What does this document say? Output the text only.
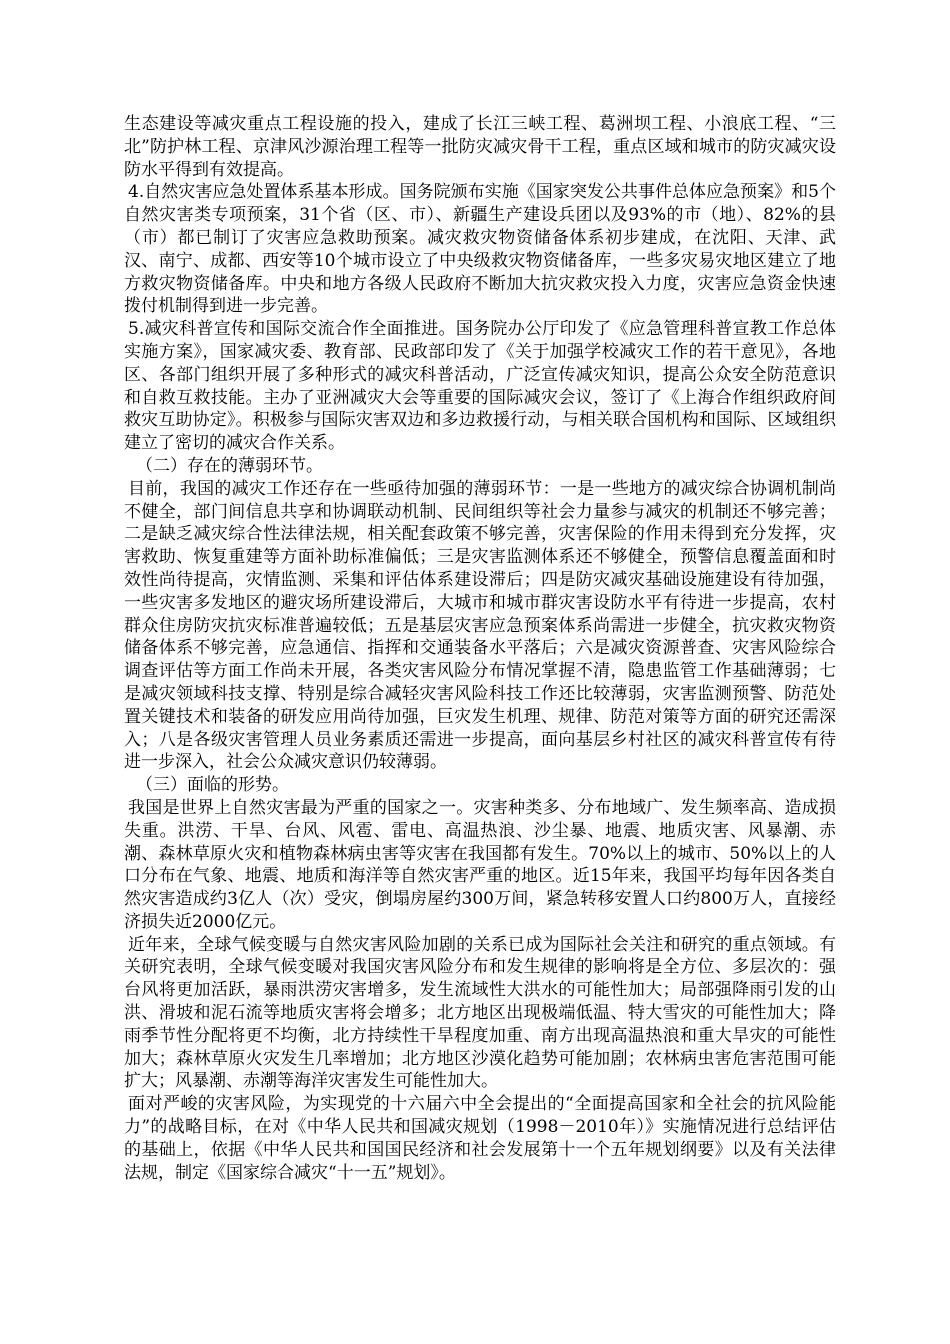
生态建设等减灾重点工程设施的投入，建成了长江三峡工程、葛洲坝工程、小浪底工程、“三北”防护林工程、京津风沙源治理工程等一批防灾减灾骨干工程，重点区域和城市的防灾减灾设防水平得到有效提高。

4.自然灾害应急处置体系基本形成。国务院颁布实施《国家突发公共事件总体应急预案》和5个自然灾害类专项预案，31个省（区、市）、新疆生产建设兵团以及93%的市（地）、82%的县（市）都已制订了灾害应急救助预案。减灾救灾物资储备体系初步建成，在沈阳、天津、武汉、南宁、成都、西安等10个城市设立了中央级救灾物资储备库，一些多灾易灾地区建立了地方救灾物资储备库。中央和地方各级人民政府不断加大抗灾救灾投入力度，灾害应急资金快速拨付机制得到进一步完善。

5.减灾科普宣传和国际交流合作全面推进。国务院办公厅印发了《应急管理科普宣教工作总体实施方案》，国家减灾委、教育部、民政部印发了《关于加强学校减灾工作的若干意见》，各地区、各部门组织开展了多种形式的减灾科普活动，广泛宣传减灾知识，提高公众安全防范意识和自救互救技能。主办了亚洲减灾大会等重要的国际减灾会议，签订了《上海合作组织政府间救灾互助协定》。积极参与国际灾害双边和多边救援行动，与相关联合国机构和国际、区域组织建立了密切的减灾合作关系。

（二）存在的薄弱环节。

目前，我国的减灾工作还存在一些亟待加强的薄弱环节：一是一些地方的减灾综合协调机制尚不健全，部门间信息共享和协调联动机制、民间组织等社会力量参与减灾的机制还不够完善；二是缺乏减灾综合性法律法规，相关配套政策不够完善，灾害保险的作用未得到充分发挥，灾害救助、恢复重建等方面补助标准偏低；三是灾害监测体系还不够健全，预警信息覆盖面和时效性尚待提高，灾情监测、采集和评估体系建设滞后；四是防灾减灾基础设施建设有待加强，一些灾害多发地区的避灾场所建设滞后，大城市和城市群灾害设防水平有待进一步提高，农村群众住房防灾抗灾标准普遍较低；五是基层灾害应急预案体系尚需进一步健全，抗灾救灾物资储备体系不够完善，应急通信、指挥和交通装备水平落后；六是减灾资源普查、灾害风险综合调查评估等方面工作尚未开展，各类灾害风险分布情况掌握不清，隐患监管工作基础薄弱；七是减灾领域科技支撑、特别是综合减轻灾害风险科技工作还比较薄弱，灾害监测预警、防范处置关键技术和装备的研发应用尚待加强，巨灾发生机理、规律、防范对策等方面的研究还需深入；八是各级灾害管理人员业务素质还需进一步提高，面向基层乡村社区的减灾科普宣传有待进一步深入，社会公众减灾意识仍较薄弱。

（三）面临的形势。

我国是世界上自然灾害最为严重的国家之一。灾害种类多、分布地域广、发生频率高、造成损失重。洪涝、干旱、台风、风雹、雷电、高温热浪、沙尘暴、地震、地质灾害、风暴潮、赤潮、森林草原火灾和植物森林病虫害等灾害在我国都有发生。70%以上的城市、50%以上的人口分布在气象、地震、地质和海洋等自然灾害严重的地区。近15年来，我国平均每年因各类自然灾害造成约3亿人（次）受灾，倒塌房屋约300万间，紧急转移安置人口约800万人，直接经济损失近2000亿元。

近年来，全球气候变暖与自然灾害风险加剧的关系已成为国际社会关注和研究的重点领域。有关研究表明，全球气候变暖对我国灾害风险分布和发生规律的影响将是全方位、多层次的：强台风将更加活跃，暴雨洪涝灾害增多，发生流域性大洪水的可能性加大；局部强降雨引发的山洪、滑坡和泥石流等地质灾害将会增多；北方地区出现极端低温、特大雪灾的可能性加大；降雨季节性分配将更不均衡，北方持续性干旱程度加重、南方出现高温热浪和重大旱灾的可能性加大；森林草原火灾发生几率增加；北方地区沙漠化趋势可能加剧；农林病虫害危害范围可能扩大；风暴潮、赤潮等海洋灾害发生可能性加大。

面对严峻的灾害风险，为实现党的十六届六中全会提出的“全面提高国家和全社会的抗风险能力”的战略目标，在对《中华人民共和国减灾规划（1998－2010年）》实施情况进行总结评估的基础上，依据《中华人民共和国国民经济和社会发展第十一个五年规划纲要》以及有关法律法规，制定《国家综合减灾“十一五”规划》。
